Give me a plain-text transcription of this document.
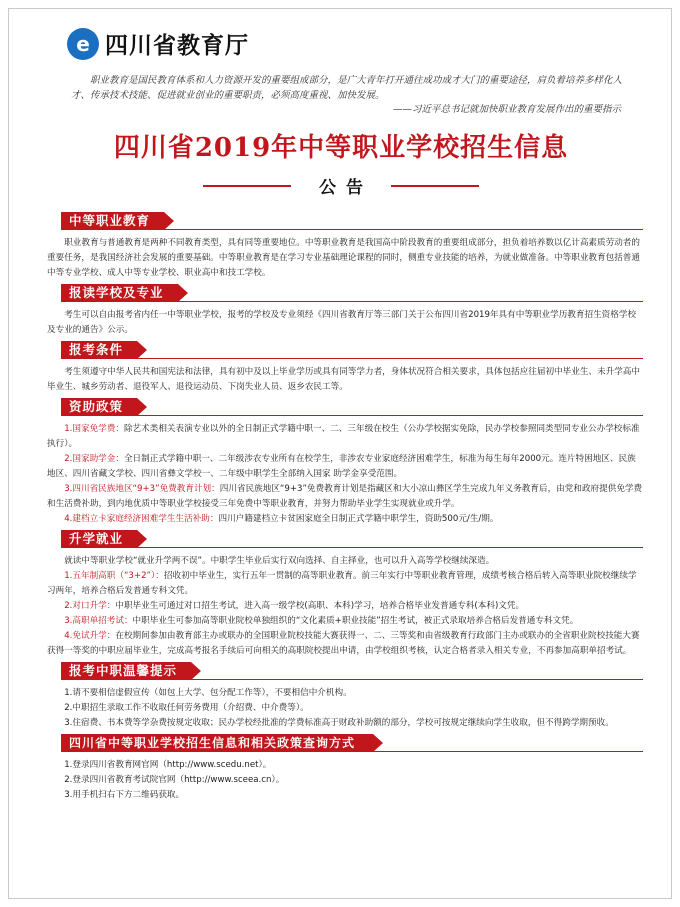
e 四川省教育厅
职业教育是国民教育体系和人力资源开发的重要组成部分，是广大青年打开通往成功成才大门的重要途径，肩负着培养多样化人才、传承技术技能、促进就业创业的重要职责，必须高度重视、加快发展。
——习近平总书记就加快职业教育发展作出的重要指示
四川省2019年中等职业学校招生信息
公告
中等职业教育

职业教育与普通教育是两种不同教育类型，具有同等重要地位。中等职业教育是我国高中阶段教育的重要组成部分，担负着培养数以亿计高素质劳动者的重要任务，是我国经济社会发展的重要基础。中等职业教育是在学习专业基础理论课程的同时，侧重专业技能的培养，为就业做准备。中等职业教育包括普通中等专业学校、成人中等专业学校、职业高中和技工学校。

报读学校及专业

考生可以自由报考省内任一中等职业学校，报考的学校及专业须经《四川省教育厅等三部门关于公布四川省2019年具有中等职业学历教育招生资格学校及专业的通告》公示。

报考条件

考生须遵守中华人民共和国宪法和法律，具有初中及以上毕业学历或具有同等学力者，身体状况符合相关要求，具体包括应往届初中毕业生、未升学高中毕业生、城乡劳动者、退役军人、退役运动员、下岗失业人员、返乡农民工等。

资助政策

1.国家免学费：除艺术类相关表演专业以外的全日制正式学籍中职一、二、三年级在校生（公办学校据实免除，民办学校参照同类型同专业公办学校标准执行）。

2.国家助学金：全日制正式学籍中职一、二年级涉农专业所有在校学生，非涉农专业家庭经济困难学生，标准为每生每年2000元。连片特困地区、民族地区、四川省藏文学校、四川省彝文学校一、二年级中职学生全部纳入国家 助学金享受范围。

3.四川省民族地区“9+3”免费教育计划：四川省民族地区“9+3”免费教育计划是指藏区和大小凉山彝区学生完成九年义务教育后，由党和政府提供免学费和生活费补助，到内地优质中等职业学校接受三年免费中等职业教育，并努力帮助毕业学生实现就业或升学。

4.建档立卡家庭经济困难学生生活补助：四川户籍建档立卡贫困家庭全日制正式学籍中职学生，资助500元/生/期。

升学就业

就读中等职业学校“就业升学两不误”。中职学生毕业后实行双向选择、自主择业，也可以升入高等学校继续深造。

1.五年制高职（“3+2”）：招收初中毕业生，实行五年一贯制的高等职业教育。前三年实行中等职业教育管理，成绩考核合格后转入高等职业院校继续学习两年，培养合格后发普通专科文凭。

2.对口升学：中职毕业生可通过对口招生考试，进入高一级学校(高职、本科)学习，培养合格毕业发普通专科(本科)文凭。

3.高职单招考试：中职毕业生可参加高等职业院校单独组织的“文化素质+职业技能”招生考试，被正式录取培养合格后发普通专科文凭。

4.免试升学：在校期间参加由教育部主办或联办的全国职业院校技能大赛获得一、二、三等奖和由省级教育行政部门主办或联办的全省职业院校技能大赛获得一等奖的中职应届毕业生，完成高考报名手续后可向相关的高职院校提出申请，由学校组织考核，认定合格者录入相关专业，不再参加高职单招考试。

报考中职温馨提示

1.请不要相信虚假宣传（如包上大学、包分配工作等），不要相信中介机构。

2.中职招生录取工作不收取任何劳务费用（介绍费、中介费等）。

3.住宿费、书本费等学杂费按规定收取；民办学校经批准的学费标准高于财政补助额的部分，学校可按规定继续向学生收取，但不得跨学期预收。

四川省中等职业学校招生信息和相关政策查询方式

1.登录四川省教育网官网（http://www.scedu.net）。

2.登录四川省教育考试院官网（http://www.sceea.cn）。

3.用手机扫右下方二维码获取。
